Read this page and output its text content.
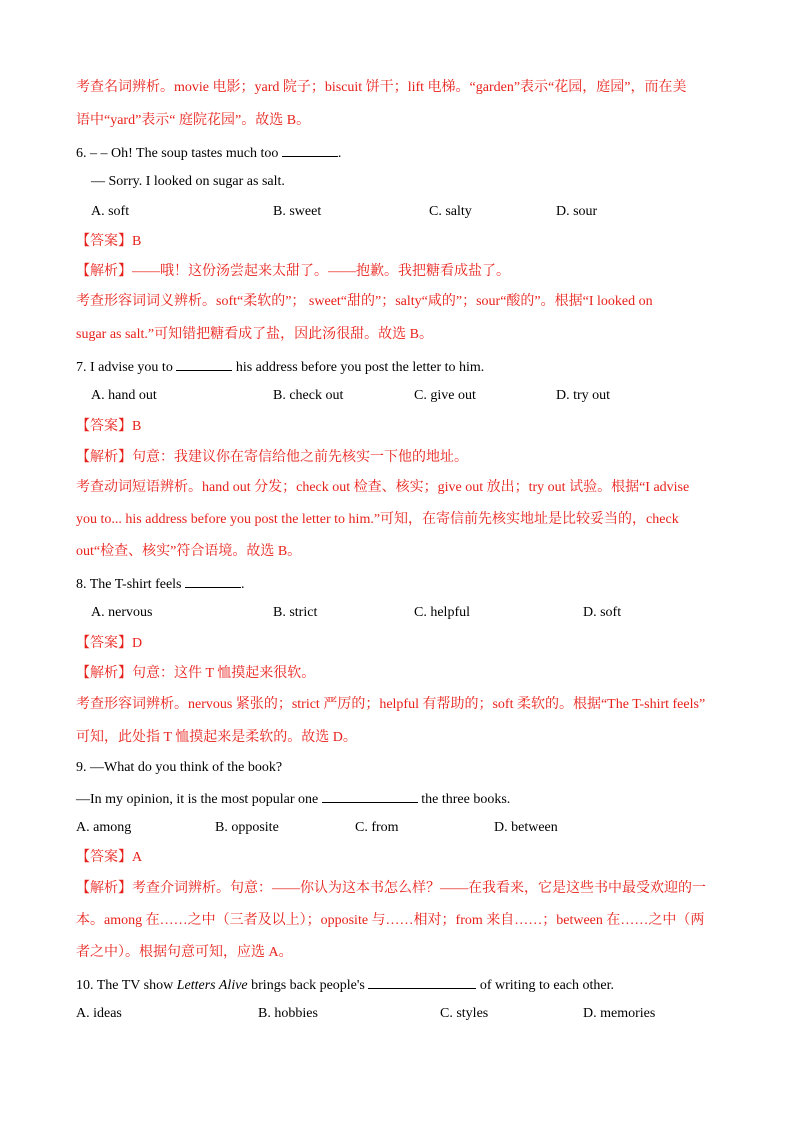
考查名词辨析。movie 电影；yard 院子；biscuit 饼干；lift 电梯。“garden”表示“花园，庭园”，而在美
语中“yard”表示“ 庭院花园”。故选 B。
6. – – Oh! The soup tastes much too	.
— Sorry. I looked on sugar as salt.
A. soft	B. sweet	C. salty	D. sour
【答案】B
【解析】——哦！这份汤尝起来太甜了。——抱歉。我把糖看成盐了。
考查形容词词义辨析。soft“柔软的”； sweet“甜的”；salty“咸的”；sour“酸的”。根据“I looked on
sugar as salt.”可知错把糖看成了盐，因此汤很甜。故选 B。
7. I advise you to	his address before you post the letter to him.
A. hand out	B. check out	C. give out	D. try out
【答案】B
【解析】句意：我建议你在寄信给他之前先核实一下他的地址。
考查动词短语辨析。hand out 分发；check out 检查、核实；give out 放出；try out 试验。根据“I advise
you to... his address before you post the letter to him.”可知，在寄信前先核实地址是比较妥当的，check
out“检查、核实”符合语境。故选 B。
8. The T-shirt feels	.
A. nervous	B. strict	C. helpful	D. soft
【答案】D
【解析】句意：这件 T 恤摸起来很软。
考查形容词辨析。nervous 紧张的；strict 严厉的；helpful 有帮助的；soft 柔软的。根据“The T-shirt feels”
可知，此处指 T 恤摸起来是柔软的。故选 D。
9. —What do you think of the book?
—In my opinion, it is the most popular one	the three books.
A. among	B. opposite	C. from	D. between
【答案】A
【解析】考查介词辨析。句意：——你认为这本书怎么样？——在我看来，它是这些书中最受欢迎的一
本。among 在……之中（三者及以上）；opposite 与……相对；from 来自……；between 在……之中（两
者之中）。根据句意可知，应选 A。
10. The TV show Letters Alive brings back people's	of writing to each other.
A. ideas	B. hobbies	C. styles	D. memories
